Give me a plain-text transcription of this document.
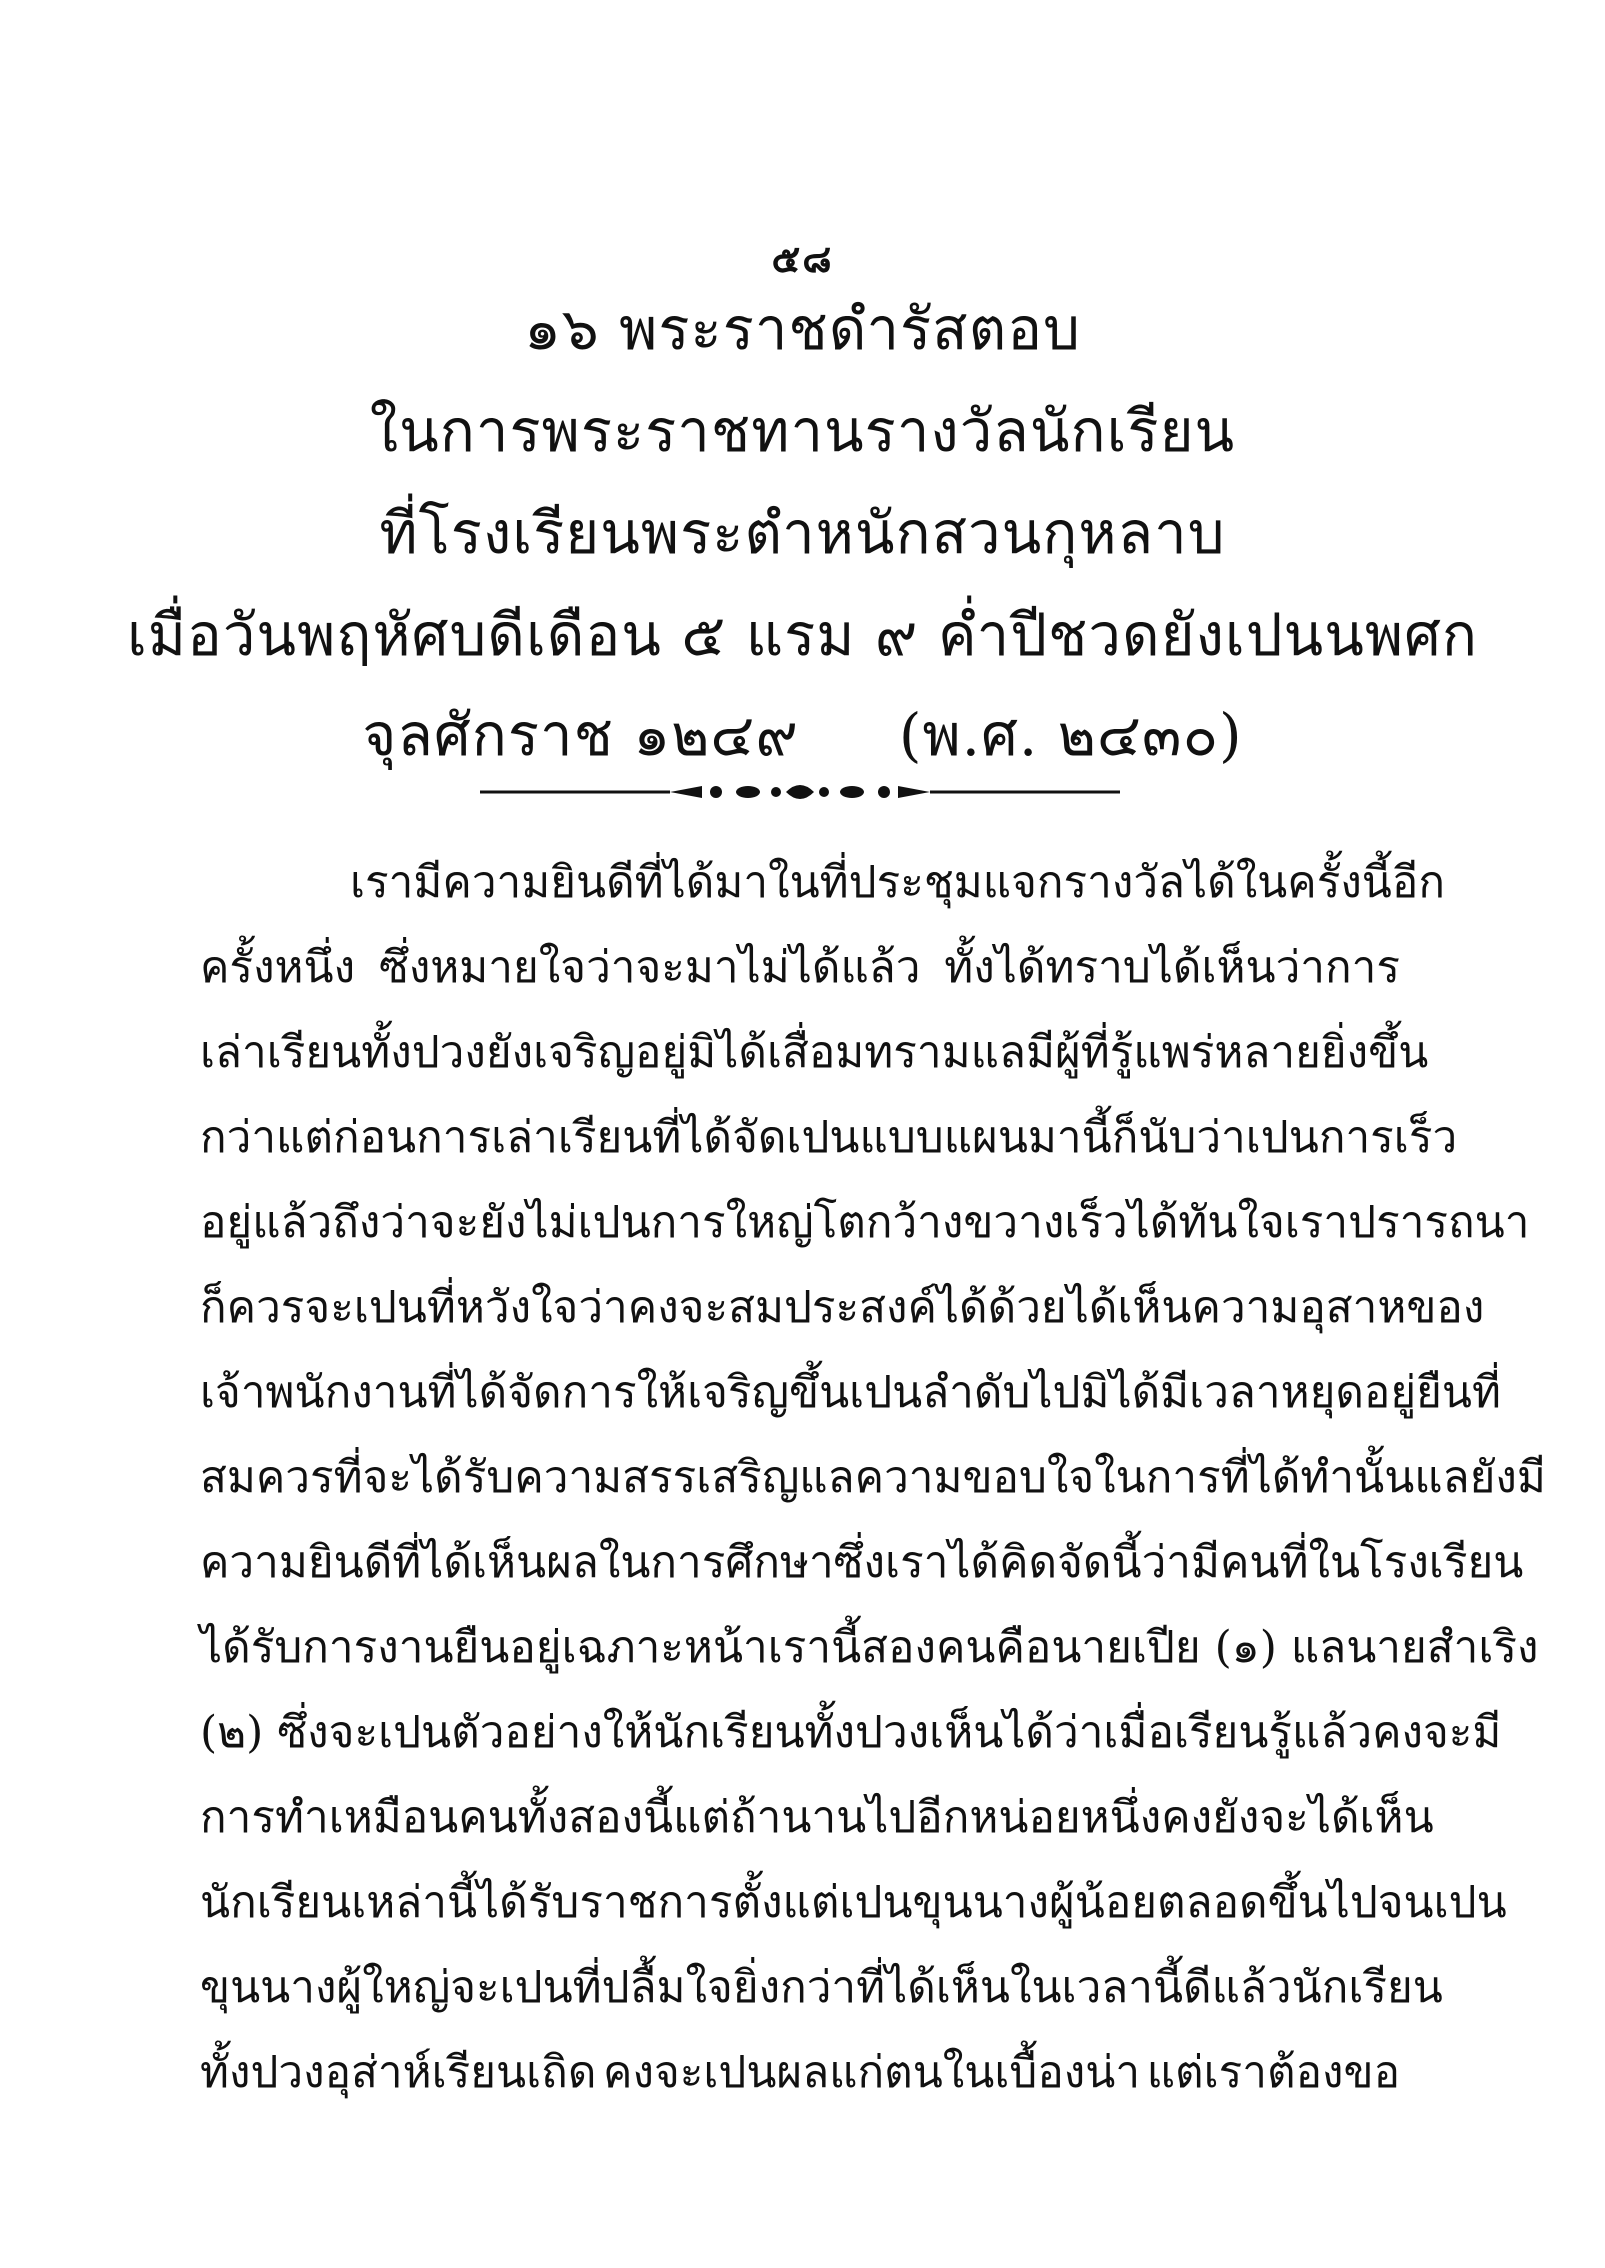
๕๘
๑๖ พระราชดำรัสตอบ
ในการพระราชทานรางวัลนักเรียน
ที่โรงเรียนพระตำหนักสวนกุหลาบ
เมื่อวันพฤหัศบดีเดือน ๕ แรม ๙ ค่ำปีชวดยังเปนนพศก
จุลศักราช ๑๒๔๙ (พ.ศ. ๒๔๓๐)
เรามีความยินดี ที่ได้มาในที่ประชุมแจกรางวัลได้ในครั้งนี้อีก
ครั้งหนึ่ง ซึ่งหมายใจว่าจะมาไม่ได้แล้ว ทั้งได้ทราบได้เห็นว่าการ
เล่าเรียนทั้งปวงยังเจริญอยู่มิได้เสื่อมทราม แลมีผู้ที่รู้แพร่หลายยิ่งขึ้น
กว่าแต่ก่อน การเล่าเรียนที่ได้จัดเปนแบบแผนมานี้ ก็นับว่าเปนการเร็ว
อยู่แล้ว ถึงว่าจะยังไม่เปนการใหญ่โตกว้างขวางเร็วได้ทันใจเราปรารถนา
ก็ควรจะเปนที่หวังใจว่าคงจะสมประสงค์ได้ ด้วยได้เห็นความอุสาหของ
เจ้าพนักงาน ที่ได้จัดการให้เจริญขึ้นเปนลำดับไปมิได้มีเวลาหยุดอยู่ยืนที่
สมควรที่จะได้รับความสรรเสริญแลความขอบใจในการที่ได้ทำนั้น แลยังมี
ความยินดีที่ได้เห็นผลในการศึกษาซึ่งเราได้คิดจัดนี้ ว่ามีคนที่ในโรงเรียน
ได้รับการงานยืนอยู่เฉภาะหน้าเรานี้สองคน คือ นายเปีย (๑) แลนายสำเริง
(๒) ซึ่งจะเปนตัวอย่างให้นักเรียนทั้งปวงเห็นได้ว่า เมื่อเรียนรู้แล้วคงจะมี
การทำเหมือนคนทั้งสองนี้ แต่ถ้านานไปอีกหน่อยหนึ่งคงยังจะได้เห็น
นักเรียนเหล่านี้ ได้รับราชการตั้งแต่เปนขุนนางผู้น้อยตลอดขึ้นไปจนเปน
ขุนนางผู้ใหญ่ จะเปนที่ปลื้มใจยิ่งกว่าที่ได้เห็นในเวลานี้ ดีแล้วนักเรียน
ทั้งปวงอุส่าห์เรียนเถิด คงจะเปนผลแก่ตนในเบื้องน่า แต่เราต้องขอ
